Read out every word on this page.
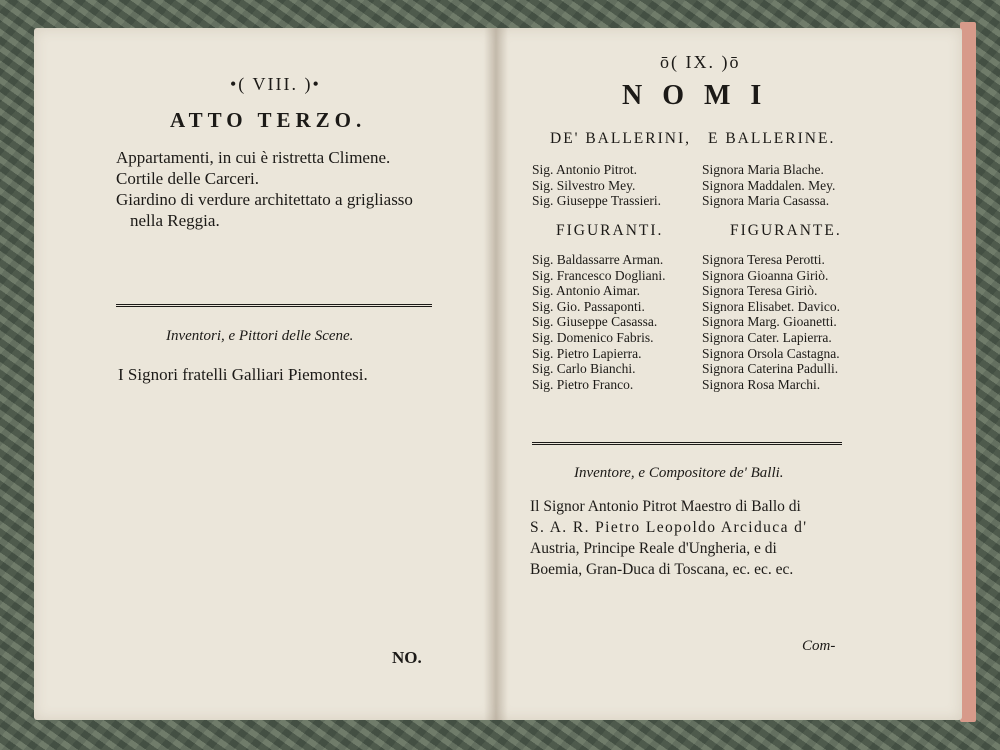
•( VIII. )•
ATTO TERZO.
Appartamenti, in cui è ristretta Climene.
Cortile delle Carceri.
Giardino di verdure architettato a grigliasso
nella Reggia.
Inventori, e Pittori delle Scene.
I Signori fratelli Galliari Piemontesi.
NO.
ō( IX. )ō
NOMI
DE' BALLERINI, E BALLERINE.
Sig. Antonio Pitrot.
Sig. Silvestro Mey.
Sig. Giuseppe Trassieri.
Signora Maria Blache.
Signora Maddalen. Mey.
Signora Maria Casassa.
FIGURANTI.	FIGURANTE.
Sig. Baldassarre Arman.
Sig. Francesco Dogliani.
Sig. Antonio Aimar.
Sig. Gio. Passaponti.
Sig. Giuseppe Casassa.
Sig. Domenico Fabris.
Sig. Pietro Lapierra.
Sig. Carlo Bianchi.
Sig. Pietro Franco.
Signora Teresa Perotti.
Signora Gioanna Giriò.
Signora Teresa Giriò.
Signora Elisabet. Davico.
Signora Marg. Gioanetti.
Signora Cater. Lapierra.
Signora Orsola Castagna.
Signora Caterina Padulli.
Signora Rosa Marchi.
Inventore, e Compositore de' Balli.
Il Signor Antonio Pitrot Maestro di Ballo di
S. A. R. Pietro Leopoldo Arciduca d'
Austria, Principe Reale d'Ungheria, e di
Boemia, Gran-Duca di Toscana, ec. ec. ec.
Com-
